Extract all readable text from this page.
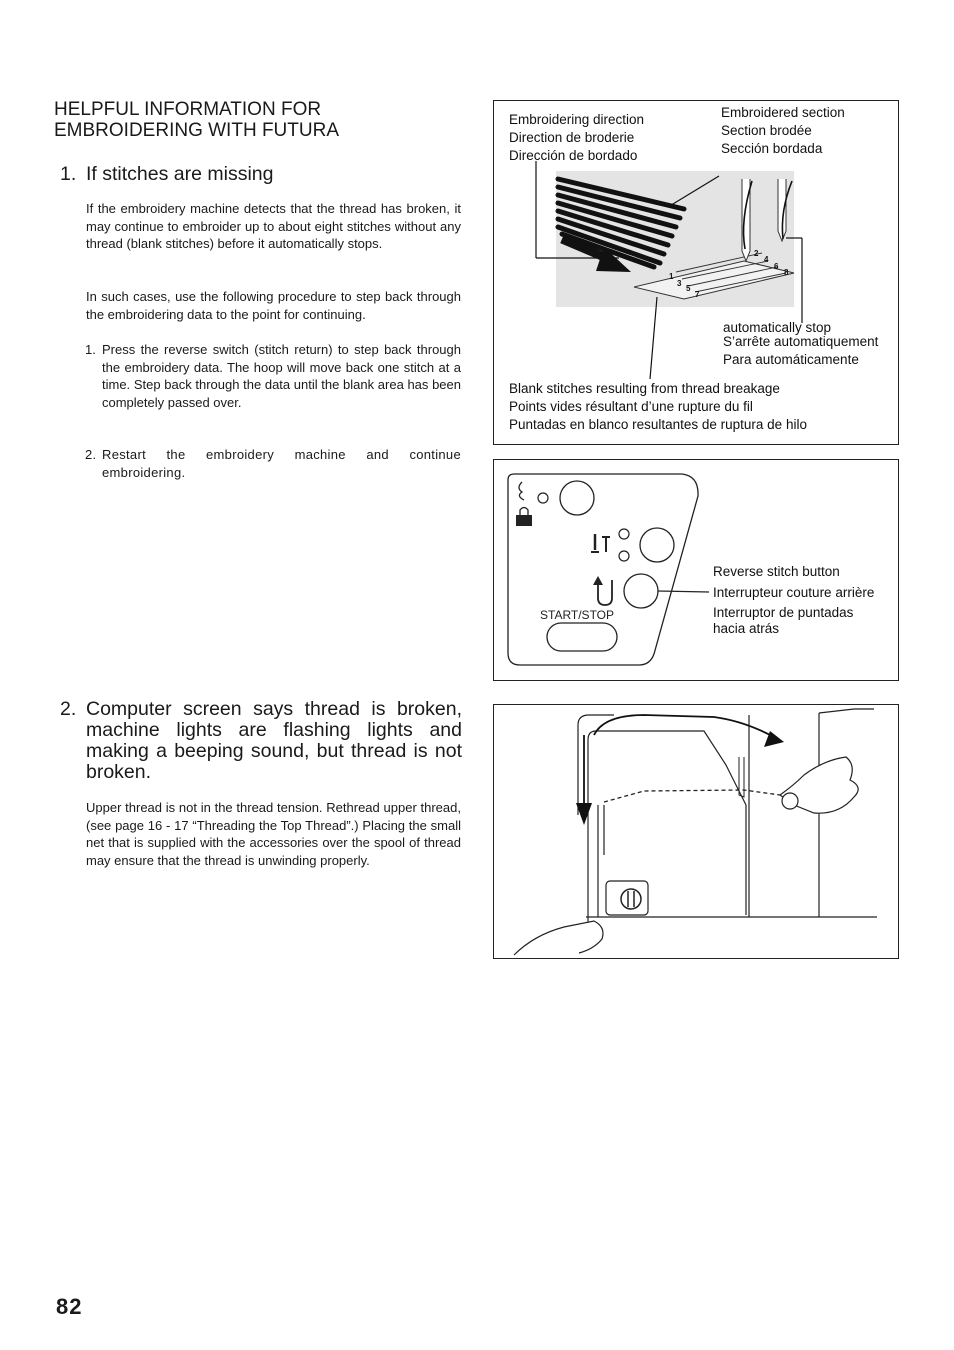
HELPFUL INFORMATION FOR EMBROIDERING WITH FUTURA
1. If stitches are missing
If the embroidery machine detects that the thread has broken, it may continue to embroider up to about eight stitches without any thread (blank stitches) before it automatically stops.
In such cases, use the following procedure to step back through the embroidering data to the point for continuing.
1. Press the reverse switch (stitch return) to step back through the embroidery data. The hoop will move back one stitch at a time. Step back through the data until the blank area has been completely passed over.
2. Restart the embroidery machine and continue embroidering.
2. Computer screen says thread is broken, machine lights are flashing lights and making a beeping sound, but thread is not broken.
Upper thread is not in the thread tension. Rethread upper thread, (see page 16 - 17 “Threading the Top Thread”.) Placing the small net that is supplied with the accessories over the spool of thread may ensure that the thread is unwinding properly.
Embroidering direction
Direction de broderie
Dirección de bordado
Embroidered section
Section brodée
Sección bordada
1
2
3
4
5
6
7
8
automatically stop
S’arrête automatiquement
Para automáticamente
Blank stitches resulting from thread breakage
Points vides résultant d’une rupture du fil
Puntadas en blanco resultantes de ruptura de hilo
START/STOP
Reverse stitch button
Interrupteur couture arrière
Interruptor de puntadas
hacia atrás
82
